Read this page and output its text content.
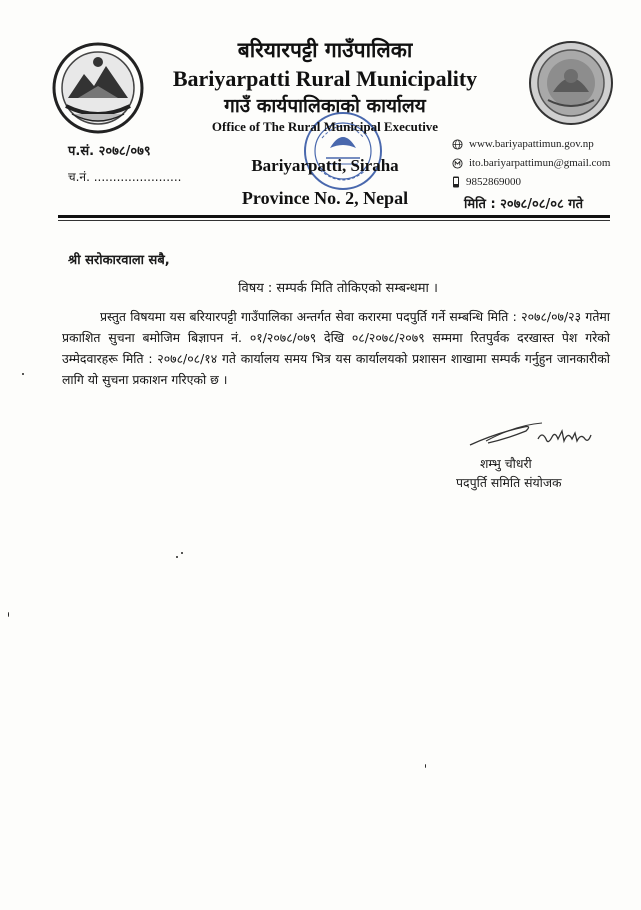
बरियारपट्टी गाउँपालिका
Bariyarpatti Rural Municipality
गाउँ कार्यपालिकाको कार्यालय
Office of The Rural Municipal Executive
Bariyarpatti, Siraha
Province No. 2, Nepal
प.सं. २०७८/०७९
च.नं. .......................
www.bariyapattimun.gov.np
ito.bariyarpattimun@gmail.com
9852869000
मिति : २०७८/०८/०८ गते
श्री सरोकारवाला सबै,
विषय : सम्पर्क मिति तोकिएको सम्बन्धमा ।
प्रस्तुत विषयमा यस बरियारपट्टी गाउँपालिका अन्तर्गत सेवा करारमा पदपुर्ति गर्ने सम्बन्धि मिति : २०७८/०७/२३ गतेमा प्रकाशित सुचना बमोजिम बिज्ञापन नं. ०१/२०७८/०७९ देखि ०८/२०७८/२०७९ सम्ममा रितपुर्वक दरखास्त पेश गरेको उम्मेदवारहरू मिति : २०७८/०८/१४ गते कार्यालय समय भित्र यस कार्यालयको प्रशासन शाखामा सम्पर्क गर्नुहुन जानकारीको लागि यो सुचना प्रकाशन गरिएको छ ।
शम्भु चौधरी
पदपुर्ति समिति संयोजक
